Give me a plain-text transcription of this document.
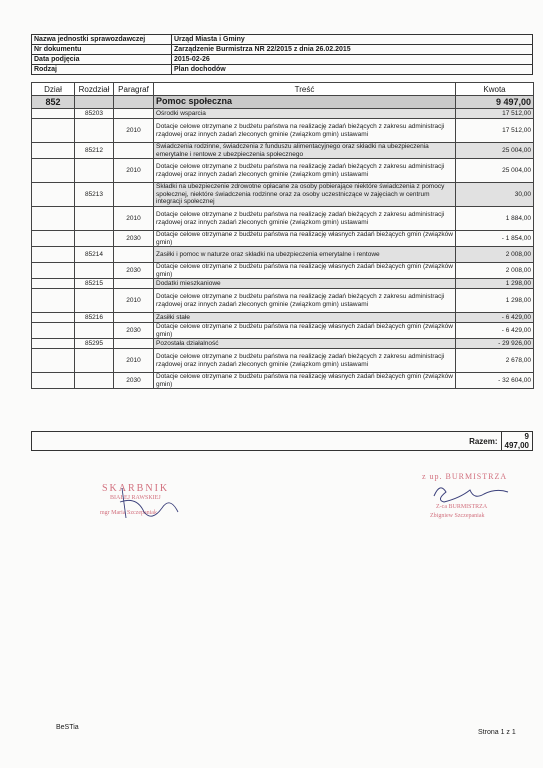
Nazwa jednostki sprawozdawczej	Urząd Miasta i Gminy
Nr dokumentu	Zarządzenie Burmistrza NR 22/2015 z dnia 26.02.2015
Data podjęcia	2015-02-26
Rodzaj	Plan dochodów
Dział	Rozdział	Paragraf	Treść	Kwota
852			Pomoc społeczna	9 497,00
	85203		Ośrodki wsparcia	17 512,00
		2010	Dotacje celowe otrzymane z budżetu państwa na realizację zadań bieżących z zakresu administracji rządowej oraz innych zadań zleconych gminie (związkom gmin) ustawami	17 512,00
	85212		Świadczenia rodzinne, świadczenia z funduszu alimentacyjnego oraz składki na ubezpieczenia emerytalne i rentowe z ubezpieczenia społecznego	25 004,00
		2010	Dotacje celowe otrzymane z budżetu państwa na realizację zadań bieżących z zakresu administracji rządowej oraz innych zadań zleconych gminie (związkom gmin) ustawami	25 004,00
	85213		Składki na ubezpieczenie zdrowotne opłacane za osoby pobierające niektóre świadczenia z pomocy społecznej, niektóre świadczenia rodzinne oraz za osoby uczestniczące w zajęciach w centrum integracji społecznej	30,00
		2010	Dotacje celowe otrzymane z budżetu państwa na realizację zadań bieżących z zakresu administracji rządowej oraz innych zadań zleconych gminie (związkom gmin) ustawami	1 884,00
		2030	Dotacje celowe otrzymane z budżetu państwa na realizację własnych zadań bieżących gmin (związków gmin)	- 1 854,00
	85214		Zasiłki i pomoc w naturze oraz składki na ubezpieczenia emerytalne i rentowe	2 008,00
		2030	Dotacje celowe otrzymane z budżetu państwa na realizację własnych zadań bieżących gmin (związków gmin)	2 008,00
	85215		Dodatki mieszkaniowe	1 298,00
		2010	Dotacje celowe otrzymane z budżetu państwa na realizację zadań bieżących z zakresu administracji rządowej oraz innych zadań zleconych gminie (związkom gmin) ustawami	1 298,00
	85216		Zasiłki stałe	- 6 429,00
		2030	Dotacje celowe otrzymane z budżetu państwa na realizację własnych zadań bieżących gmin (związków gmin)	- 6 429,00
	85295		Pozostała działalność	- 29 926,00
		2010	Dotacje celowe otrzymane z budżetu państwa na realizację zadań bieżących z zakresu administracji rządowej oraz innych zadań zleconych gminie (związkom gmin) ustawami	2 678,00
		2030	Dotacje celowe otrzymane z budżetu państwa na realizację własnych zadań bieżących gmin (związków gmin)	- 32 604,00
	Razem:	9 497,00
SKARBNIK
BIAŁEJ RAWSKIEJ
mgr Maria Szczepaniak
z up. BURMISTRZA
Z-ca BURMISTRZA
Zbigniew Szczepaniak
BeSTia
Strona 1 z 1
